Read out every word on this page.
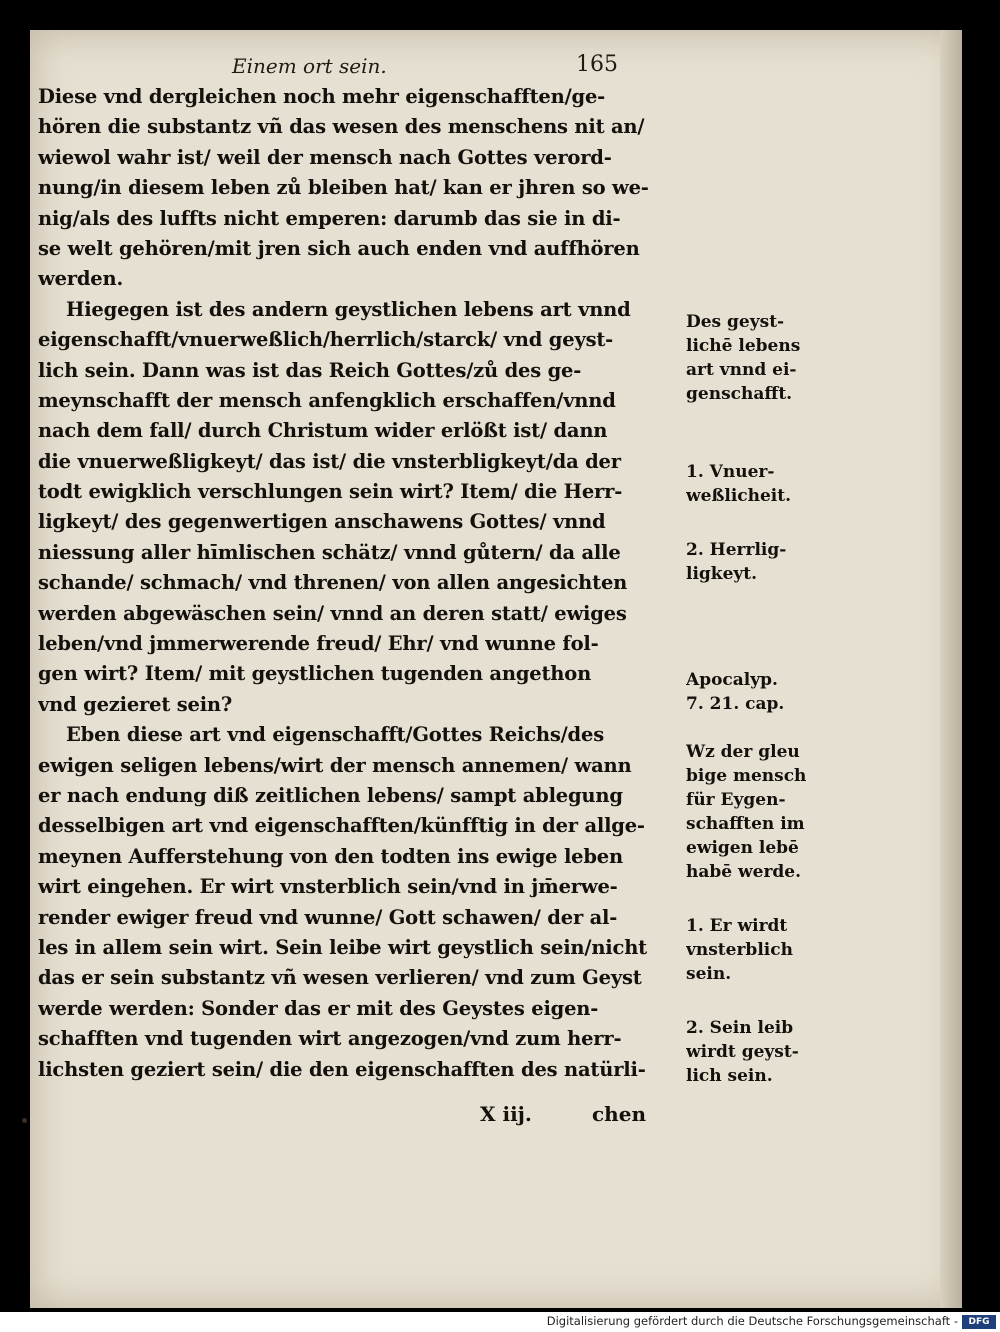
Einem ort sein.	165
Diese vnd dergleichen noch mehr eigenschafften/ge-
hören die substantz vñ das wesen des menschens nit an/
wiewol wahr ist/ weil der mensch nach Gottes verord-
nung/in diesem leben zů bleiben hat/ kan er jhren so we-
nig/als des luffts nicht emperen: darumb das sie in di-
se welt gehören/mit jren sich auch enden vnd auffhören
werden.
Hiegegen ist des andern geystlichen lebens art vnnd
eigenschafft/vnuerweßlich/herrlich/starck/ vnd geyst-
lich sein. Dann was ist das Reich Gottes/zů des ge-
meynschafft der mensch anfengklich erschaffen/vnnd
nach dem fall/ durch Christum wider erlößt ist/ dann
die vnuerweßligkeyt/ das ist/ die vnsterbligkeyt/da der
todt ewigklich verschlungen sein wirt? Item/ die Herr-
ligkeyt/ des gegenwertigen anschawens Gottes/ vnnd
niessung aller hīmlischen schätz/ vnnd gůtern/ da alle
schande/ schmach/ vnd threnen/ von allen angesichten
werden abgewäschen sein/ vnnd an deren statt/ ewiges
leben/vnd jmmerwerende freud/ Ehr/ vnd wunne fol-
gen wirt? Item/ mit geystlichen tugenden angethon
vnd gezieret sein?
Eben diese art vnd eigenschafft/Gottes Reichs/des
ewigen seligen lebens/wirt der mensch annemen/ wann
er nach endung diß zeitlichen lebens/ sampt ablegung
desselbigen art vnd eigenschafften/künfftig in der allge-
meynen Aufferstehung von den todten ins ewige leben
wirt eingehen. Er wirt vnsterblich sein/vnd in jm̄erwe-
render ewiger freud vnd wunne/ Gott schawen/ der al-
les in allem sein wirt. Sein leibe wirt geystlich sein/nicht
das er sein substantz vñ wesen verlieren/ vnd zum Geyst
werde werden: Sonder das er mit des Geystes eigen-
schafften vnd tugenden wirt angezogen/vnd zum herr-
lichsten geziert sein/ die den eigenschafften des natürli-
Des geyst-
lichē lebens
art vnnd ei-
genschafft.
1. Vnuer-
weßlicheit.
2. Herrlig-
ligkeyt.
Apocalyp.
7. 21. cap.
Wz der gleu
bige mensch
für Eygen-
schafften im
ewigen lebē
habē werde.
1. Er wirdt
vnsterblich
sein.
2. Sein leib
wirdt geyst-
lich sein.
X iij.	chen
Digitalisierung gefördert durch die Deutsche Forschungsgemeinschaft -	DFG
